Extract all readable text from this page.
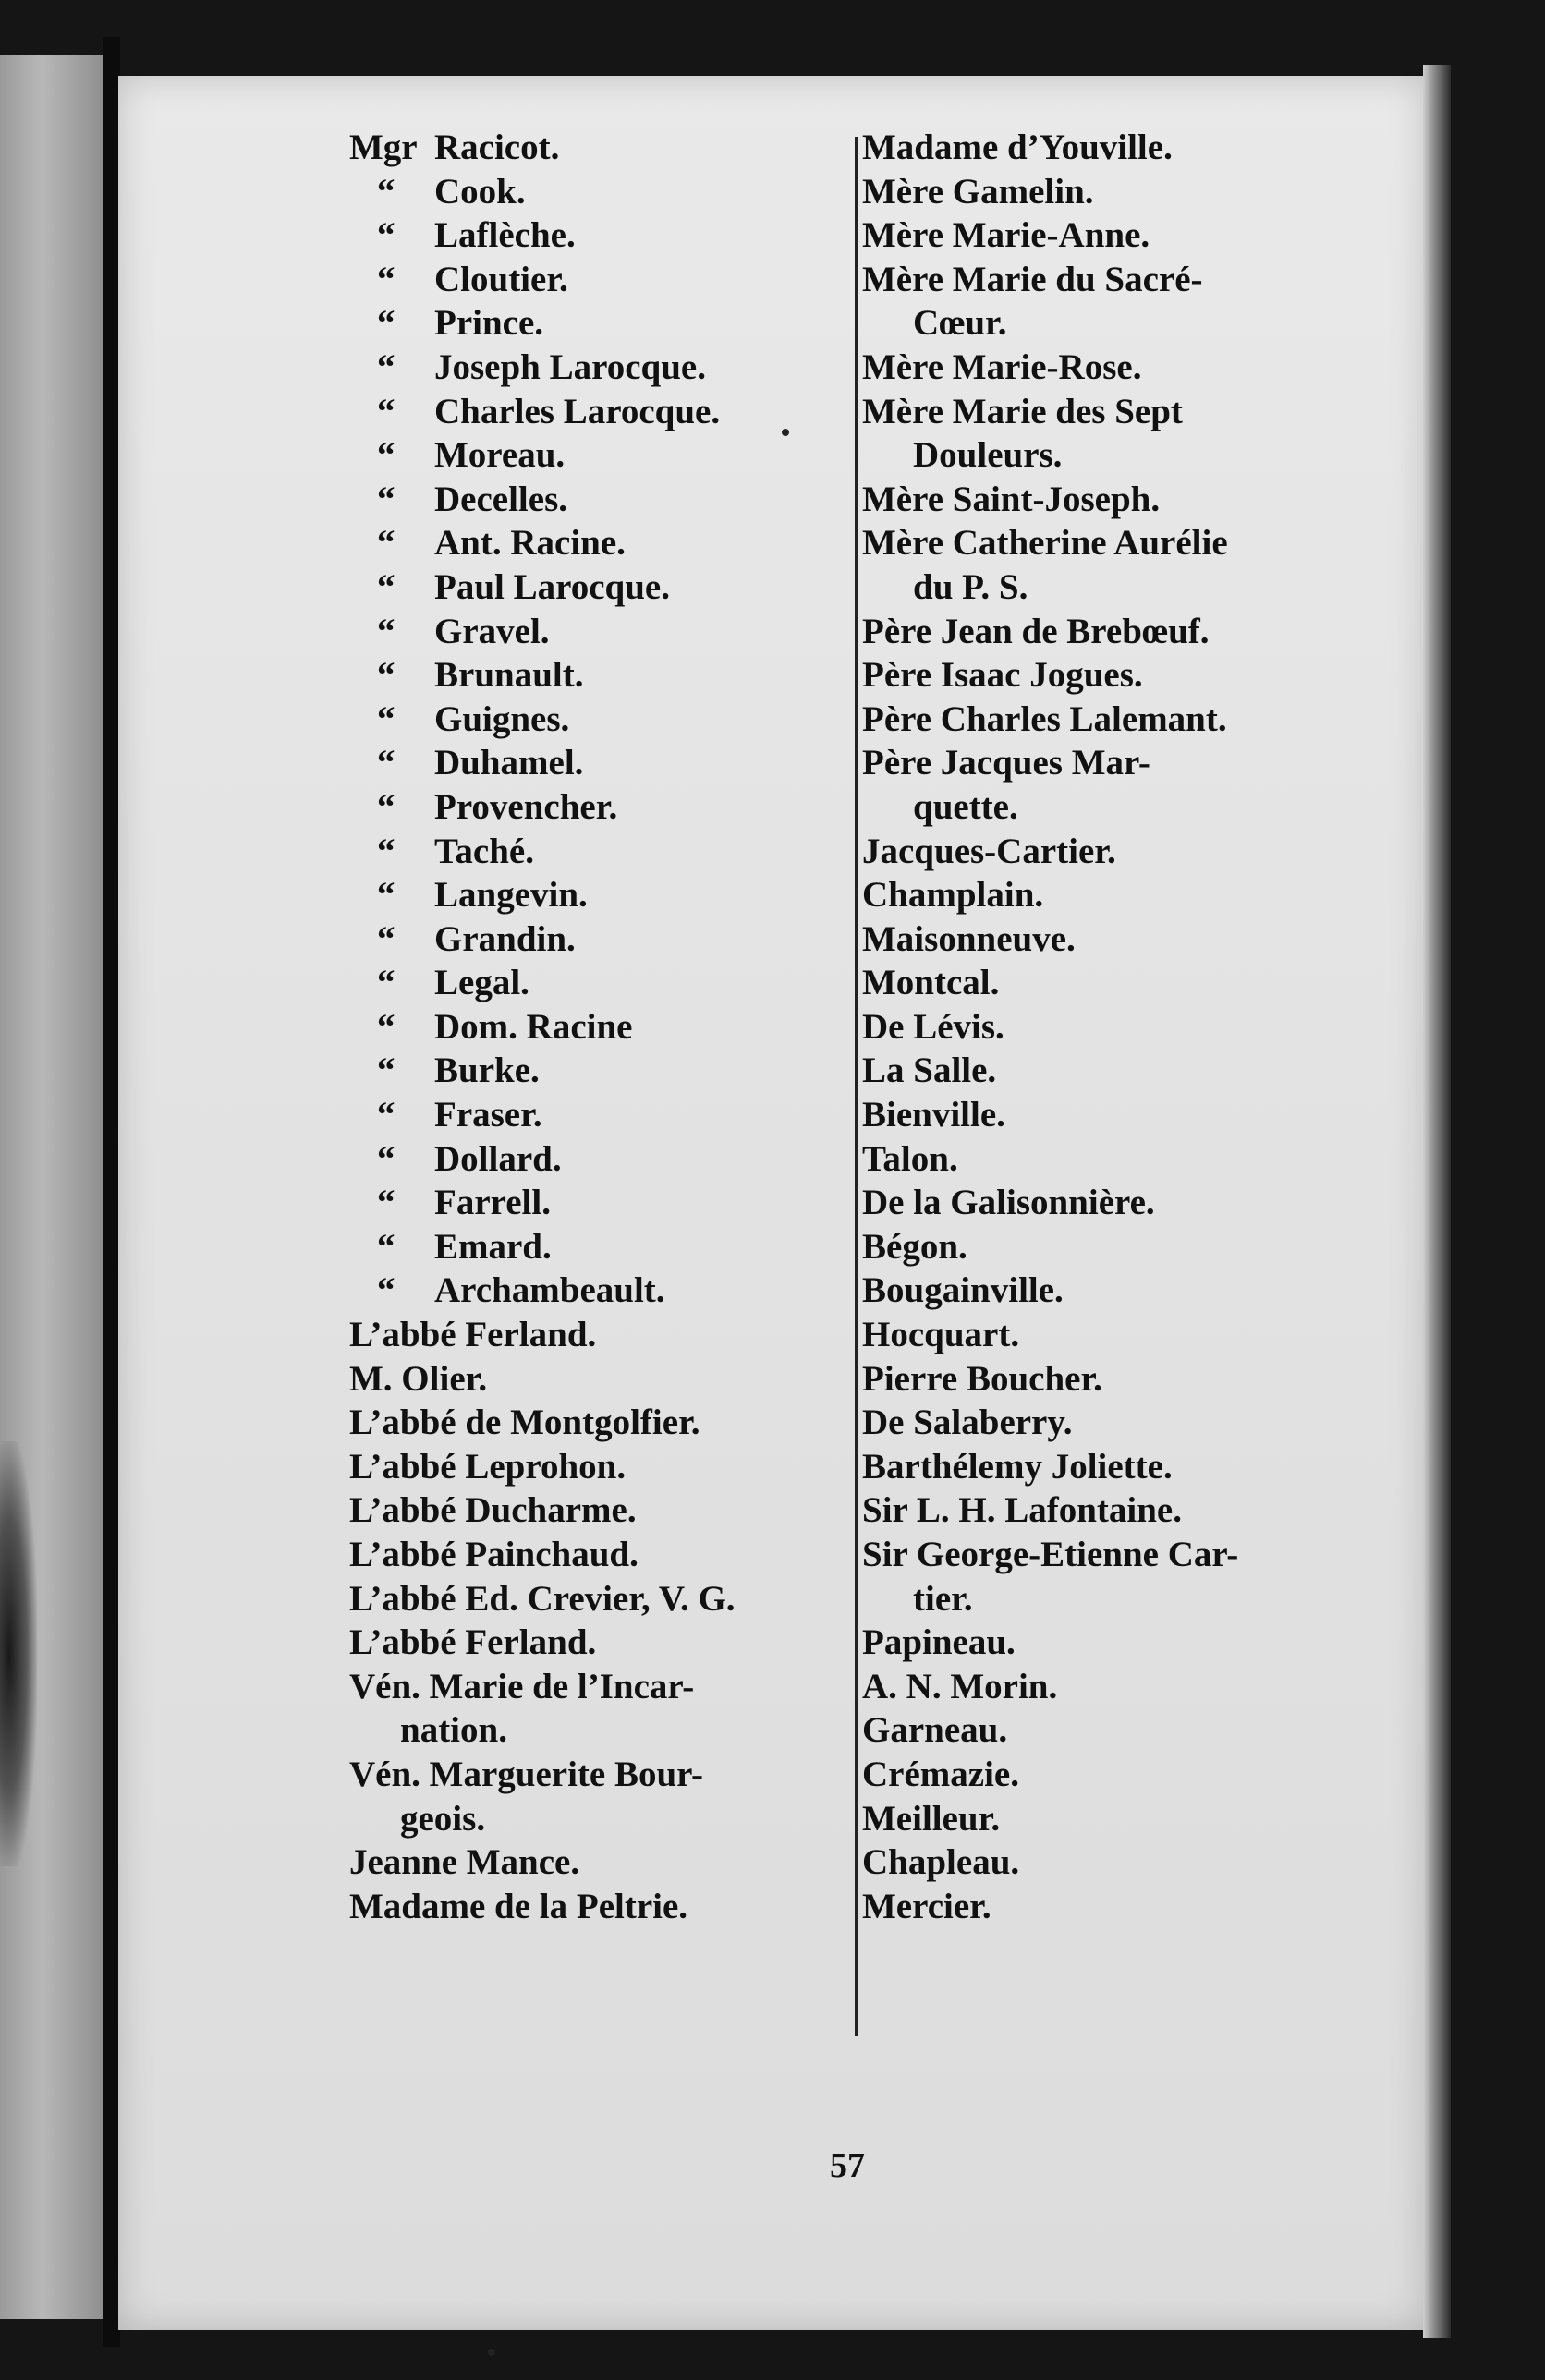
Mgr Racicot.
“ Cook.
“ Laflèche.
“ Cloutier.
“ Prince.
“ Joseph Larocque.
“ Charles Larocque.
“ Moreau.
“ Decelles.
“ Ant. Racine.
“ Paul Larocque.
“ Gravel.
“ Brunault.
“ Guignes.
“ Duhamel.
“ Provencher.
“ Taché.
“ Langevin.
“ Grandin.
“ Legal.
“ Dom. Racine
“ Burke.
“ Fraser.
“ Dollard.
“ Farrell.
“ Emard.
“ Archambeault.
L’abbé Ferland.
M. Olier.
L’abbé de Montgolfier.
L’abbé Leprohon.
L’abbé Ducharme.
L’abbé Painchaud.
L’abbé Ed. Crevier, V. G.
L’abbé Ferland.
Vén. Marie de l’Incar-
nation.
Vén. Marguerite Bour-
geois.
Jeanne Mance.
Madame de la Peltrie.
Madame d’Youville.
Mère Gamelin.
Mère Marie-Anne.
Mère Marie du Sacré-
Cœur.
Mère Marie-Rose.
Mère Marie des Sept
Douleurs.
Mère Saint-Joseph.
Mère Catherine Aurélie
du P. S.
Père Jean de Brebœuf.
Père Isaac Jogues.
Père Charles Lalemant.
Père Jacques Mar-
quette.
Jacques-Cartier.
Champlain.
Maisonneuve.
Montcal.
De Lévis.
La Salle.
Bienville.
Talon.
De la Galisonnière.
Bégon.
Bougainville.
Hocquart.
Pierre Boucher.
De Salaberry.
Barthélemy Joliette.
Sir L. H. Lafontaine.
Sir George-Etienne Car-
tier.
Papineau.
A. N. Morin.
Garneau.
Crémazie.
Meilleur.
Chapleau.
Mercier.
57
